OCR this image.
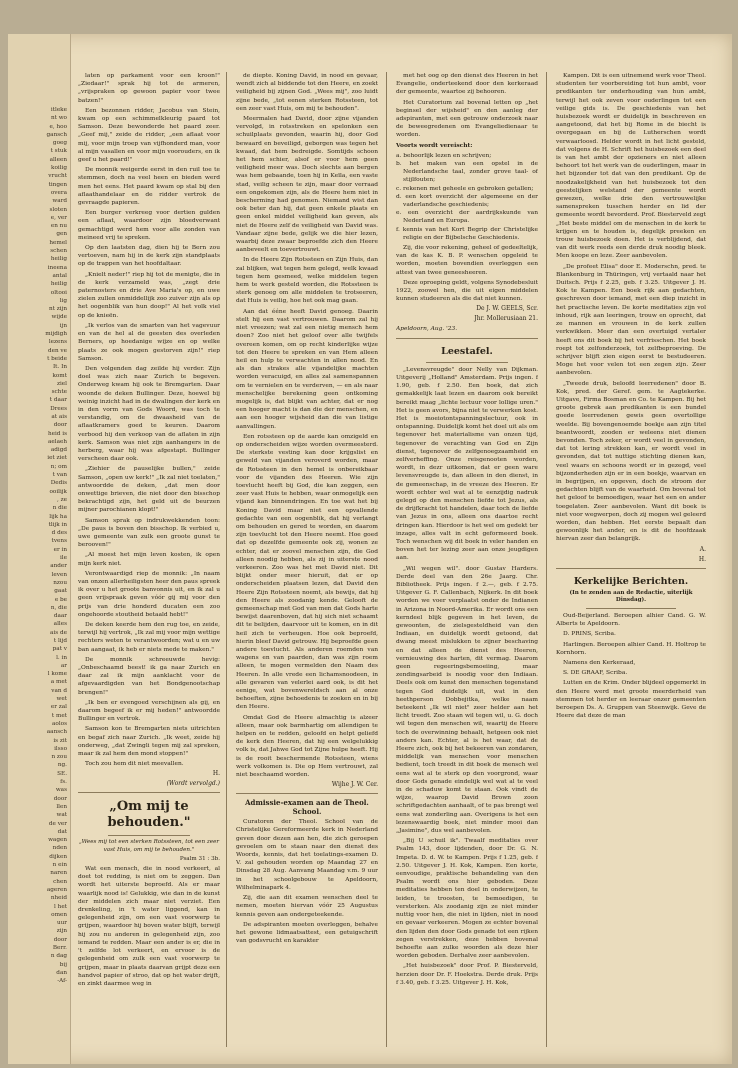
itleke
nt wo
e, hoo
gansch
goeg
t stuk
alleen
koilig
vrucht
tingen
overa
ward
sloten
e, ver
en nu
gen
hemel
schen
heilig
ineena
antal
heilig
oltooi
lig
nt zijn
wijde
ijn
mijdigh
lezens
den ve
t beide
It. In
komt
ziel
schte
t daar
Drees
at ais
door
heid is
aelaeh
adigd
iet ziet
n; om
t van
Dedis
ooilijk
, ze
n die
lijk ha
tlijk in
d des
tvens
er in
ile
ander
leven
nzou
gaat
e be
n, die
daar
alles
ais de
t lijd
pat v
l. in
ar
l kome
a met
van d
wet
er zal
t met
aolos
aansch
is zit
ilsso
n zou
ng.
SE.
fs.
was
door
llen
wat
de ver
dat
wagen
nden
dijken
n ein
naren
chen
ageren
nheid
l het
omen
uur
zijn
door
Berr.
n dag
bij
dan
-Af-

laten op parkament voor een kroon!" „Ziedaar!" sprak hij tot de armeren, „vrijspraken op gewoon papier voor twee batzen!"

Een bezonnen ridder, Jacobus van Stein, kwam op een schimmelkleurig paard tot Samson. Deze bewonderde het paard zeer. „Geef mij," zeide de ridder, „een aflaat voor mij, voor mijn troep van vijfhonderd man, voor al mijn vasallen en voor mijn voorouders, en ik geef u het paard!"

De monnik weigerde eerst in den ruil toe te stemmen, doch na veel heen en bieden werd men het eens. Het paard kwam op stal bij den aflaathandelaar en de ridder vertrok de gevraagde papieren.

Een burger verkreeg voor dertien gulden een aflaat, waardoor zijn bloedverwant gemachtigd werd hem voor alle zonden van meineed vrij te spreken.

Op den laatsten dag, dien hij te Bern zou vertoeven, nam hij in de kerk zijn standplaats op de trappen van het hoofdaltaar.

„Knielt neder!" riep hij tot de menigte, die in de kerk verzameld was, „zegt drie paternosters en drie Ave Maria's op, en uwe zielen zullen onmiddellijk zoo zuiver zijn als op het oogenblik van hun doop!" Al het volk viel op de knieën.

„Ik verlos van de smarten van het vagevuur en van de hel al de geesten des overleden Berners, op hoedanige wijze en op welke plaats ze ook mogen gestorven zijn!" riep Samson.

Den volgenden dag zeilde hij verder. Zijn doel was zich naar Zurich te begeven. Onderweg kwam hij ook te Bremgarten. Daar woonde de deken Bullinger. Deze, hoewel bij weinig inzicht had in de dwalingen der kerk en in den vorm van Gods Woord, was toch te verstandig, om de dwaasheid van de aflaatkramers goed te keuren. Daarom verbood hij den verkoop van de aflaten in zijn kerk. Samson was niet zijn aanhangers in de herberg, waar hij was afgestapt. Bullinger verscheen daar ook.

„Ziehier de pauselijke bullen," zeide Samson, „open uw kerk!" „Ik zal niet toelaten," antwoordde de deken, „dat men door onwettige brieven, die niet door den bisschop bekrachtigd zijn, het geld uit de beurzen mijner parochianen klopt!"

Samson sprak op indrukwekkenden toon: „De paus is boven den bisschop. Ik verbied u, uwe gemeente van zulk een groote gunst te berooven!"

„Al moest het mijn leven kosten, ik open mijn kerk niet.

Verontwaardigd riep de monnik: „In naam van onzen allerheiligsten heer den paus spreek ik over u het groote banvonnis uit, en ik zal u geen vrijspraak geven vóór gij mij voor den prijs van drie honderd ducaten een zoo ongehoorde stoutheid betaald hebt!"

De deken keerde hem den rug toe, en zeide, terwijl hij vertrok, „Ik zal mij voor mijn wettige rechters weten te verantwoorden; wat u en uw ban aangaat, ik heb er niets mede te maken."

De monnik schreeuwde hevig: „Onbeschaamd beest! ik ga naar Zurich en daar zal ik mijn aanklacht voor de afgevaardigden van het Bondgenootschap brengen!"

„Ik ben er evengoed verschijnen als gij, en daarom begeef ik er mij heden!" antwoordde Bullinger en vertrok.

Samson kon te Bremgarten niets uitrichten en begaf zich naar Zurich. „Ik weet, zeide hij onderweg, „dat Zwingli tegen mij zal spreken, maar ik zal hem den mond stoppen!"

Toch zou hem dit niet meevallen.

H.
(Wordt vervolgd.)
„Om mij te behouden."
„Wees mij tot een sterken Rotssteen, tot een zeer vast Huis, om mij te behouden."
Psalm 31 : 3b.

Wat een mensch, die in nood verkeert, al doet tot redding, is niet om te zeggen. Dan wordt het uiterste beproefd. Als er maar waarlijk nood is! Gelukkig, wie dan in de kunst der middelen zich maar niet verziet. Een drenkeling, in 't water liggend, kan in gelegenheid zijn, om een vast voorwerp te grijpen, waardoor hij boven water blijft, terwijl hij zou nu anderen in gelegenheid zijn, zoo iemand te redden. Maar een ander is er, die in 't zelfde lot verkeert, en ervoor is de gelegenheid om zulk een vast voorwerp te grijpen, maar in plaats daarvan grijpt deze een handvol papier of stroo, dat op het water drijft, en zinkt daarmee weg in

de diepte. Koning David, in nood en gevaar, wendt zich al biddende tot den Heere, en zoekt veiligheid bij zijnen God. „Wees mij", zoo luidt zijne bede, „tot eenen sterken Rotssteen, tot een zeer vast Huis, om mij te behouden".

Meermalen had David, door zijne vijanden vervolgd, in rotsstreken en spelonken een schuilplaats gevonden, waarin hij, door God bewaard en beveiligd, geborgen was tegen het kwaad, dat hem bedreigde. Somtijds schoon het hem schier, alsof er voor hem geen veiligheid meer was. Doch slechts aan bergen was hem gebaande, toen hij in Keïla, een vaste stad, veilig scheen te zijn, maar door verraad een ongekomen zijn, als de Heere hem niet in bescherming had genomen. Niemand wist dan ook beter dan hij, dat geen enkele plaats en geen enkel middel veiligheid kan geven, als niet de Heere zelf de veiligheid van David was. Vandaar zijne bede, gelijk we die hier lezen, waarbij deze zwaar beproefde zich den Heere aanbeveelt en toevertrouwt.

In de Heere Zijn Rotssteen en Zijn Huis, dan zal blijken, wat tegen hem gelegd, welk kwaad tegen hem gesmeed, welke middelen tegen hem te werk gesteld worden, die Rotssteen is sterk genoeg om alle middelen te trotseeren, dat Huis is veilig, hoe het ook mag gaan.

Aan dat ééne heeft David genoeg. Daarin stelt hij een vast vertrouwen. Daarom zal hij niet vreezen; wat zal een nietig mensch hem doen? Zoo niet het geloof over alle twijfels overeen komen, om op recht kinderlijke wijze tot den Heere te spreken en van Hem alleen heil en hulp te verwachten in allen nood. En als dan strakes alle vijandelijke machten worden veracuigd, en alles zal samenspannen om te vernielen en te verderven, — en als naar menschelijke berekening geen ontkoming mogelijk is, dat blijkt van achter, dat er nog een hooger macht is dan die der menschen, en aan een hooger wijsheid dan die van listige aanvallingen.

Een rotssteen op de aarde kan omzigeld en op onderscheiden wijze worden overmeesterd. De sterkste vesting kan door krijgslist en geweld van vijanden veroverd worden, maar de Rotssteen in den hemel is onbereikbaar voor de vijanden des Heeren. Wie zijn toevlucht heeft bij God, die kan zeggen, een zeer vast Huis te hebben, waar onmogelijk een vijand kan binnendringen. En toe wat het bij Koning David maar niet een opvallende gedachte van een oogenblik, dat hij verlangt om behouden en gered te worden, en daarom zijn toevlucht tot den Heere neemt. Hoe goed dat op dezelfde gemeente ook zij, wonen ze echter, dat er zoovel menschen zijn, die God alleen noodig hebben, als zij in uiterste nood verkeeren. Zoo was het met David niet. Dit blijkt onder meer hieruit, dat er op onderscheiden plaatsen lezen, dat David den Heere Zijn Rotssteen noemt, als bewijs, dat hij den Heere als zoodanig kende. Gelooft de gemeenschap met God van men dat Gods harte bewijst daarenboven, dat hij sich niet schaamt dit te belijden, daarvoor uit te komen, en in dit heil zich te verheugen. Hoe ook beproefd, hierin bleef David getrouw. Hij beproefde geen andere toevlucht. Als anderen roemden van wagens en van paarden, dan was zijn roem alleen, te mogen vermelden den Naam des Heeren. In alle vrede een lichamsnoodeen, in alle gevaren van velerlei aard ook, is dit het eenige, wat bovenwereldsch aan al onze behoeften, zijne behoedenis te zoeken en in bij den Heere.

Omdat God de Heere almachtig is alzeer alleen, maar ook barmhartig om allendigen te helpen en te redden, geloofd en helpt geliefd de kerk den Heeren, dat hij een welgelukkig volk is, dat Jahwe God tot Zijne hulpe heeft. Hij is de rooit beschermende Rotssteen, wiens werk volkomen is. Die op Hem vertrouwt, zal niet beschaamd worden.

Wijhe J. W. Cer.
Admissie-examen aan de Theol. School.

Curatoren der Theol. School van de Christelijke Gereformeerde kerk in Nederland geven door dezen aan hen, die zich geroepen gevoelen om te staan naar den dienst des Woords, kennis, dat het toelatings-examen D. V. zal gehouden worden op Maandag 27 en Dinsdag 28 Aug. Aanvang Maandag v.m. 9 uur in het schoolgebouw te Apeldoorn, Wilhelminapark 4.

Zij, die aan dit examen wenschen deel te nemen, moeten hiervan vóór 25 Augustus kennis geven aan ondergeteekende.

De adspiranten moeten overleggen, behalve het gewone lidmaatsattest, een getuigschrift van godsvrucht en karakter

met het oog op den dienst des Heeren in het Evangelie, onderteekend door den kerkeraad der gemeente, waartoe zij behooren.

Het Curatorium zal bovenal letten op „het beginsel der wijsheid" en den aanleg der adspiranten, met een getrouw onderzoek naar de beweegredenen om Evangeliedienaar te worden.

Voorts wordt vereischt:

a. behoorlijk lezen en schrijven;
b. het maken van een opstel in de Nederlandsche taal, zonder grove taal- of stijlfouten;
c. rekenen met geheele en gebroken getallen;
d. een kort overzicht der algemeene en der vaderlandsche geschiedenis;
e. een overzicht der aardrijkskunde van Nederland en Europa.
f. kennis van het Kort Begrip der Christelijke religie en der Bijbelsche Geschiedenis.

Zij, die voor rekening, geheel of gedeeltelijk, van de kas K. B. P. wenschen opgeleid te worden, moeten bovendien overleggen een attest van twee geneesheeren.

Deze oproeping geldt, volgens Synodebesluit 1922, zoowel hen, die uit eigen middelen kunnen studeeren als die dat niet kunnen.

De J. W. GEELS, Scr.
Jhr. Mollerusiaan 21.

Apeldoorn, Aug. '23.

Leestafel.

„Levensvreugde" door Nelly van Dijkman. Uitgeverij „Holland" Amsterdam. Prijs ingen. f 1.90, geb. f 2.50. Een boek, dat zich gemakkelijk laat lezen en daarom ook bereikt bereikt maag „lichte lectuur voor lollige uren." Het is geen avors, bijna niet te verwerken kost. Het is moeiotontspanningslectuur, ook in ontspanning. Duidelijk komt het doel uit als om tegenover het materialisme van onzen tijd, tegenover de verachting van God en Zijn dienst, tegenover de zelfgenoegzaamheid en zelfverheffing. Onze reisgenooten worden, wordt, in dezr uitkomen, dat er geen ware levensvreugde is, dan alleen in den dienst, in de gemeenschap, in de vreeze des Heeren. Er wordt echter wel wat al te eenzijdig nadruk gelegd op den menschen liefde tot Jezus, als de drijfkracht tot handelen, daar toch de liefde van Jezus in ons, alleen ons daartoe recht dringen kan. Hierdoor is het wel om gedekt ter inzage, alles valt in echt geformeerd boek. Toch wenschen wij dit boek in veler handen en boven het ter lezing zeer aan onze jeugdigen aan.

„Wil wegen wil". door Gustav Harders. Derde deel van den 26e Jaarg. Chr. Bibliotheek. Prijs ingen. f 2.—, geb. f 2.75. Uitgever G. F. Callenbach, Nijkerk. In dit boek worden we voer verplaatst onder de Indianen in Arizona in Noord-Amerika. Er wordt ons een kerndeel blijk gegeven in het leven, de gewoonten, de zielsgesteldheid van den Indiaan, en duidelijk wordt getoond, dat dwang meest mislukken te zijner beschaving en dat alleen de dienst des Heeren, vernieuwing des harten, dit vermag. Daarom geen regeeringsbemoeiing, maar zendingsarbeid is noodig voor den Indiaan. Deels ook om kunst den menschen tegenstand tegen God duidelijk uit, wat in den heethperson Dobbejitka, welke naam beteekent „Ik wil niet" zeer helder aan het licht treedt. Zoo staan wil tegen wil, u. G. doch wil tegen den menschen wil, waartij de Heere toch de overwinning behaalt, hetgeen ook niet anders kan. Echter, al is het waar, dat de Heere zich, ook bij het bekeeren van zondaren, middelijk van menschen voor menschen bedient, toch treedt in dit boek de mensch wel eens wat al te sterk op den voorgrond, waar door Gods genade eindelijk wel wat al te veel in de schaduw komt te staan. Ook vindt de wijze, waarop David Brown zoon schriftgedachten aanhaalt, of te pas brengt wel eens wat zonderling aan. Overigens is het een lezenswaardig boek, niet minder mooi dan „Jasimine", dus wel aanbevolen.

„Bij U schuil ik". Twaalf meditaties over Psalm 143, door lijdenden, door Dr. G. N. Impeta. D. d. W. te Kampen. Prijs f 1.25, geb. f 2.50. Uitgever J. H. Kok, Kampen. Een korte, eenvoudige, praktische behandeling van den Psalm wordt ons hier geboden. Deze meditaties hebben ten doel in onderwijzen, te leiden, te troosten, te bemoedigen, te versterken. Als zoodanig zijn ze niet minder nuttig voor hen, die niet in lijden, niet in nood en gevaar verkeeren. Mogen ze echter bovenal den lijden den door Gods genade tot een rijken zegen verstrekken, deze hebben bovenal behoefte aan zulke woorden als deze hier worden geboden. Derhalve zeer aanbevolen.

„Het huisbezoek" door Prof. P. Biesterveld, herzien door Dr. F. Hoekstra. Derde druk. Prijs f 3.40, geb. f 3.25. Uitgever J. H. Kok,

Kampen. Dit is een uitnemend werk voor Theol. studenten ter voorbereiding tot hun ambt, voor predikanten ter onderhouding van hun ambt, terwijl het ook zeven voor ouderlingen tot een veilige gids is. De geschiedenis van het huisbezoek wordt er duidelijk in beschreven en aangetoond, dat het bij Rome in de biecht is overgegaan en bij de Lutherschen wordt verwaarloosd. Helder wordt in het licht gesteld, dat volgens de H. Schrift het huisbezoek een deel is van het ambt der opzieners en niet alleen behoort tot het werk van de ouderlingen, maar in het bijzonder tot dat van den predikant. Op de noodzakelijkheid van het huisbezoek tot den geestelijken welstand der gemeente wordt gewezen, welke drie den vertrouwelijke samenspreken tusschen herder en lid der gemeente wordt bevorderd. Prof. Biesterveld zegt „Het beste middel om de menschen in de kerk te krijgen en te houden is, degelijk preeken en trouw huisbezoek doen. Het is verblijdend, dat van dit werk reeds een derde druk noodig bleek. Men koope en leze. Zeer aanbevolen.

„De profeet Elisa" door E. Moderschn, pred. te Blankenburg in Thüringen, vrij vertaald naar het Duitsch. Prijs f 2.25, geb. f 3.25. Uitgever J. H. Kok te Kampen. Een boek rijk aan gedachten, geschreven door iemand, met een diep inzicht in het practische leven. De korte meditaties zijn vol inhoud, rijk aan leeringen, trouw en oprecht, dat ze mannen en vrouwen in de kerk zullen verkwikken. Meer dan een overtuigd vertaler heeft ons dit boek bij het verfrisschen. Het boek roept tot zelfonderzoek, tot zelfbeproeving. De schrijver blijft zien eigen eerst te bestudeeren. Moge het voor velen tot een zegen zijn. Zeer aanbevolen.

„Tweede druk, beloofd leerredenen" door B. Kok, pred. der Geref. gem. te Aagtekerke. Uitgave, Firma Bosman en Co. te Kampen. Bij het groote gebrek aan predikanten is een bundel goede leerredenen gewis geen overtollige weelde. Bij bovengenoemde boekje aan zijn titel beantwoordt, zooden er weleens niet dienen bevonden. Toch zeker, er wordt veel in gevonden, dat tot lering strekken kan, er wordt veel in gevonden, dat tot nuttige stichting dienen kan, veel waars en schoons wordt er in gezegd, veel bijzonderheden zijn er in een boekje, waarvan en in begrijpen, en opgeven, doch de stroom der gedachten blijft van de waarheid. Om bovenal tot het geloof te bemoedigen, waar het een en ander toegelaten. Zeer aanbevolen. Want dit boek is niet voor wegwerpen, doch zij mogen wel geleerd worden, dan hebben. Het eerste bepaalt dan gewoonlijk het ander, en is dit de hoofdzaak hiervan zeer dan belangrijk.

A.
H.
Kerkelijke Berichten.
(In te zenden aan de Redactie, uiterlijk Dinsdag).

Oud-Beijerland. Beroepen alhier Cand. G. W. Alberts te Apeldoorn.

D. PRINS, Scriba.

Harlingen. Beroepen alhier Cand. H. Holtrop te Kornhorn.

Namens den Kerkeraad,

S. DE GRAAF, Scriba.

Lutten en de Krim. Onder blijdeel opgemerkt in den Heere werd met groote meerderheid van stemmen tot herder en leeraar onzer gemeenten beroepen Ds. A. Gruppen van Steenwijk. Geve de Heere dat deze de man
